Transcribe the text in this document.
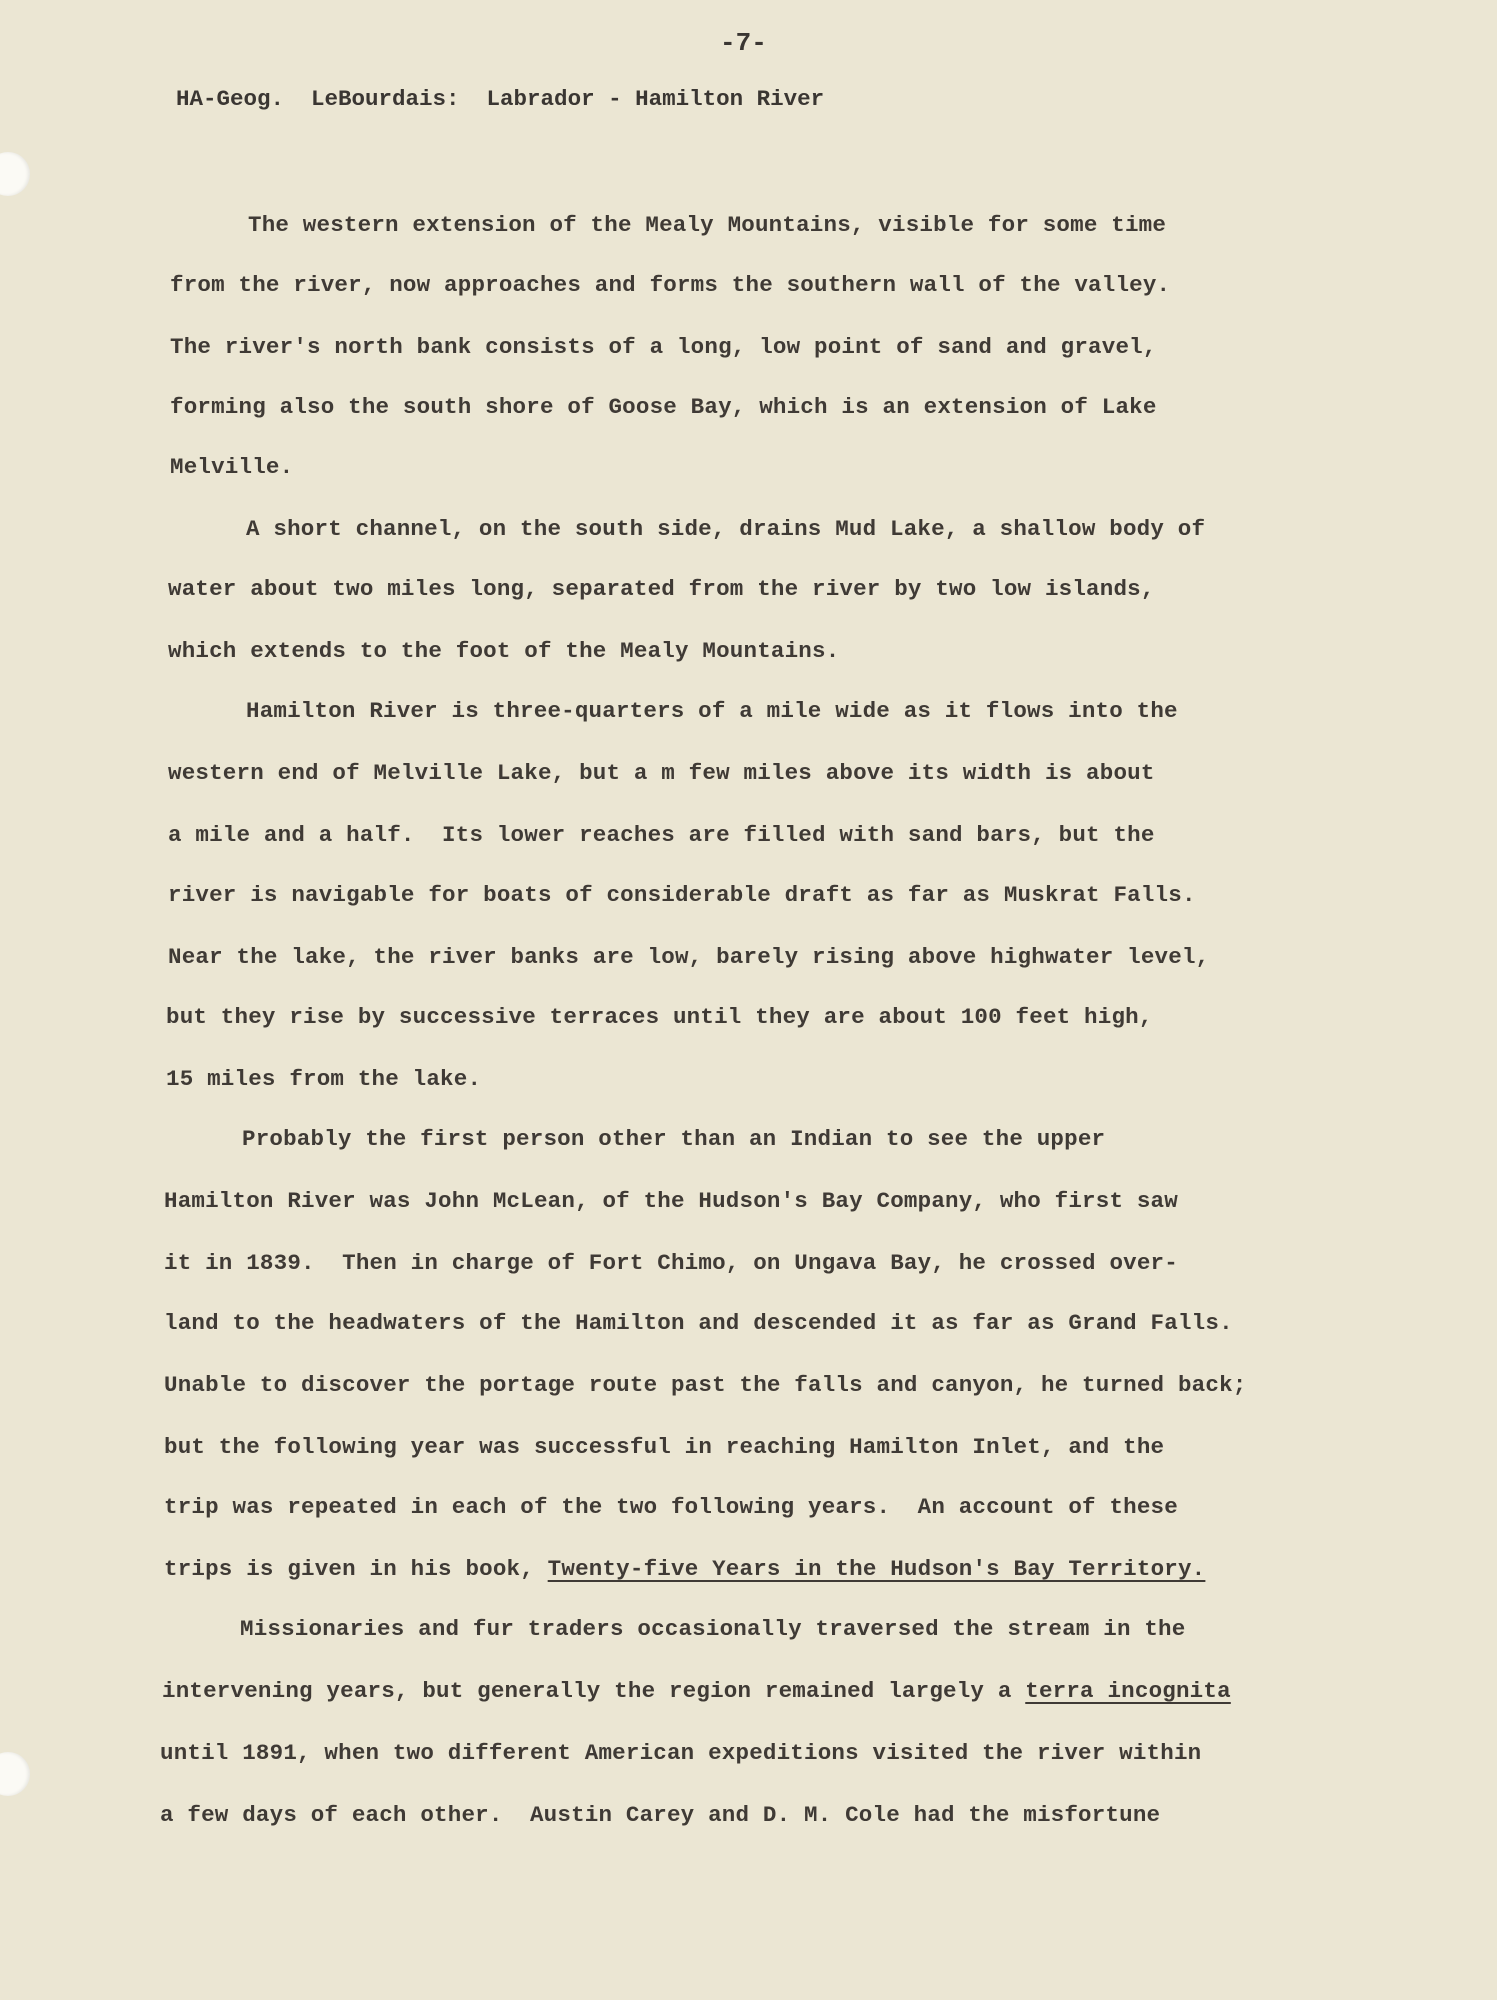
-7-
HA-Geog.  LeBourdais:  Labrador - Hamilton River
The western extension of the Mealy Mountains, visible for some time
from the river, now approaches and forms the southern wall of the valley.
The river's north bank consists of a long, low point of sand and gravel,
forming also the south shore of Goose Bay, which is an extension of Lake
Melville.
A short channel, on the south side, drains Mud Lake, a shallow body of
water about two miles long, separated from the river by two low islands,
which extends to the foot of the Mealy Mountains.
Hamilton River is three-quarters of a mile wide as it flows into the
western end of Melville Lake, but a m few miles above its width is about
a mile and a half.  Its lower reaches are filled with sand bars, but the
river is navigable for boats of considerable draft as far as Muskrat Falls.
Near the lake, the river banks are low, barely rising above highwater level,
but they rise by successive terraces until they are about 100 feet high,
15 miles from the lake.
Probably the first person other than an Indian to see the upper
Hamilton River was John McLean, of the Hudson's Bay Company, who first saw
it in 1839.  Then in charge of Fort Chimo, on Ungava Bay, he crossed over-
land to the headwaters of the Hamilton and descended it as far as Grand Falls.
Unable to discover the portage route past the falls and canyon, he turned back;
but the following year was successful in reaching Hamilton Inlet, and the
trip was repeated in each of the two following years.  An account of these
trips is given in his book, Twenty-five Years in the Hudson's Bay Territory.
Missionaries and fur traders occasionally traversed the stream in the
intervening years, but generally the region remained largely a terra incognita
until 1891, when two different American expeditions visited the river within
a few days of each other.  Austin Carey and D. M. Cole had the misfortune
